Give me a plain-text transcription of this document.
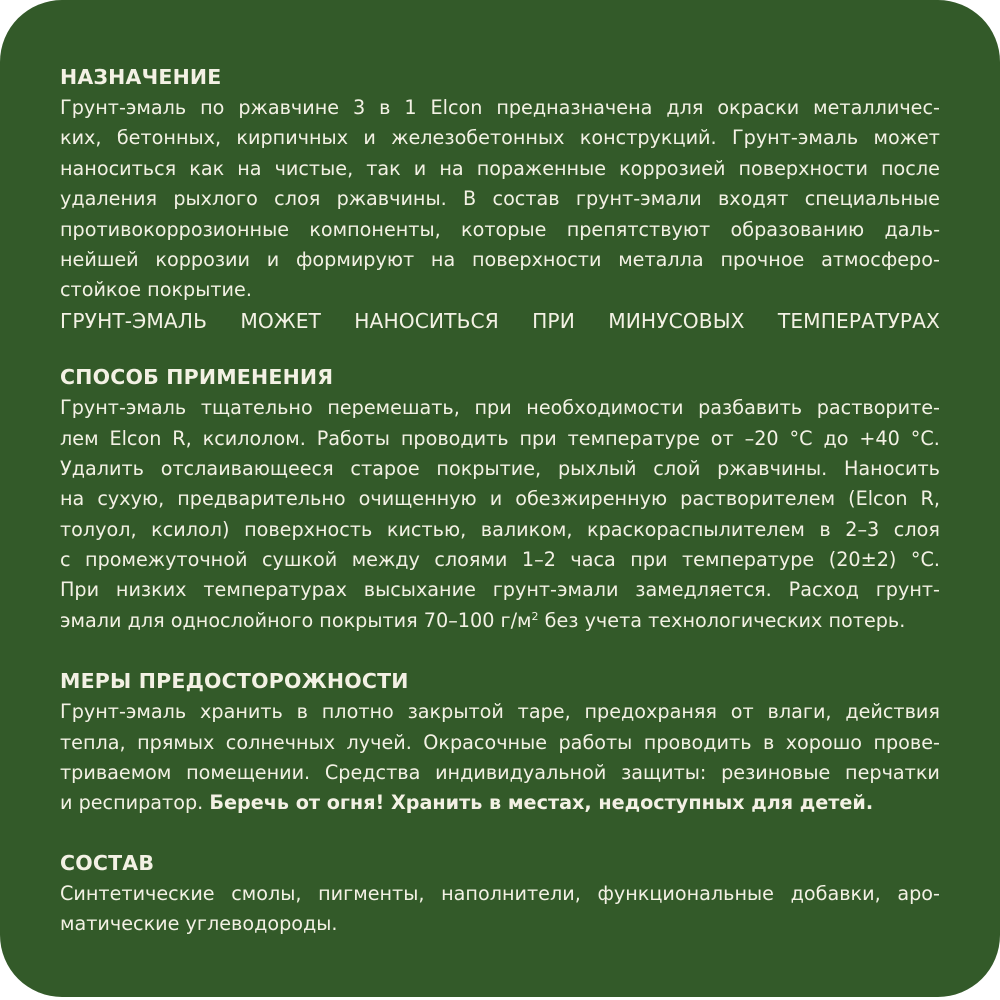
НАЗНАЧЕНИЕ
Грунт-эмаль по ржавчине 3 в 1 Elcon предназначена для окраски металличес-
ких, бетонных, кирпичных и железобетонных конструкций. Грунт-эмаль может
наноситься как на чистые, так и на пораженные коррозией поверхности после
удаления рыхлого слоя ржавчины. В состав грунт-эмали входят специальные
противокоррозионные компоненты, которые препятствуют образованию даль-
нейшей коррозии и формируют на поверхности металла прочное атмосферо-
стойкое покрытие.
ГРУНТ-ЭМАЛЬ МОЖЕТ НАНОСИТЬСЯ ПРИ МИНУСОВЫХ ТЕМПЕРАТУРАХ
СПОСОБ ПРИМЕНЕНИЯ
Грунт-эмаль тщательно перемешать, при необходимости разбавить растворите-
лем Elcon R, ксилолом. Работы проводить при температуре от –20 °С до +40 °С.
Удалить отслаивающееся старое покрытие, рыхлый слой ржавчины. Наносить
на сухую, предварительно очищенную и обезжиренную растворителем (Elcon R,
толуол, ксилол) поверхность кистью, валиком, краскораспылителем в 2–3 слоя
с промежуточной сушкой между слоями 1–2 часа при температуре (20±2) °С.
При низких температурах высыхание грунт-эмали замедляется. Расход грунт-
эмали для однослойного покрытия 70–100 $г/м^2$ без учета технологических потерь.
МЕРЫ ПРЕДОСТОРОЖНОСТИ
Грунт-эмаль хранить в плотно закрытой таре, предохраняя от влаги, действия
тепла, прямых солнечных лучей. Окрасочные работы проводить в хорошо прове-
триваемом помещении. Средства индивидуальной защиты: резиновые перчатки
и респиратор.
Беречь от огня! Хранить в местах, недоступных для детей.
СОСТАВ
Синтетические смолы, пигменты, наполнители, функциональные добавки, аро-
матические углеводороды.
